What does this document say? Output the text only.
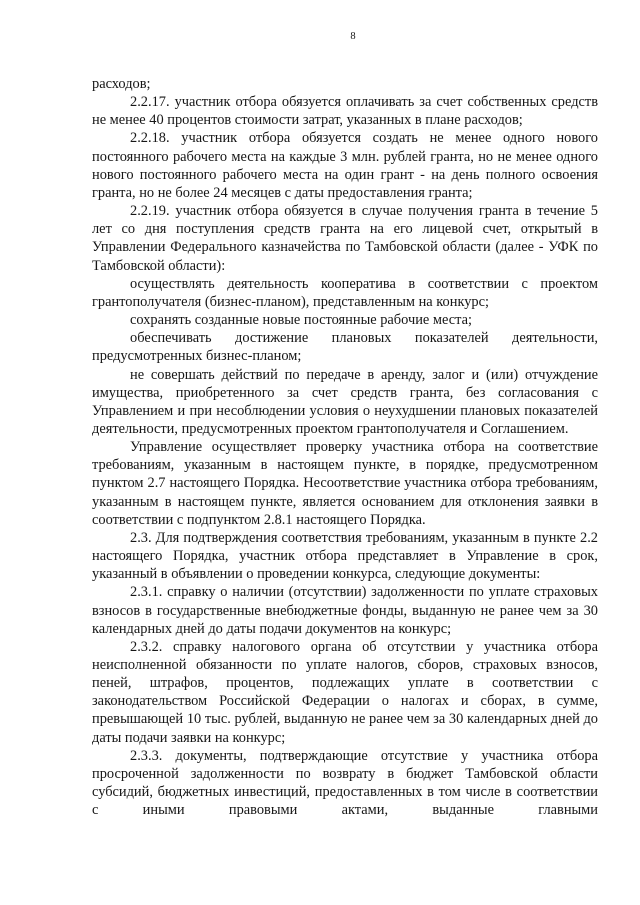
8

расходов;

2.2.17. участник отбора обязуется оплачивать за счет собственных средств не менее 40 процентов стоимости затрат, указанных в плане расходов;

2.2.18. участник отбора обязуется создать не менее одного нового постоянного рабочего места на каждые 3 млн. рублей гранта, но не менее одного нового постоянного рабочего места на один грант - на день полного освоения гранта, но не более 24 месяцев с даты предоставления гранта;

2.2.19. участник отбора обязуется в случае получения гранта в течение 5 лет со дня поступления средств гранта на его лицевой счет, открытый в Управлении Федерального казначейства по Тамбовской области (далее - УФК по Тамбовской области):

осуществлять деятельность кооператива в соответствии с проектом грантополучателя (бизнес-планом), представленным на конкурс;

сохранять созданные новые постоянные рабочие места;

обеспечивать достижение плановых показателей деятельности, предусмотренных бизнес-планом;

не совершать действий по передаче в аренду, залог и (или) отчуждение имущества, приобретенного за счет средств гранта, без согласования с Управлением и при несоблюдении условия о неухудшении плановых показателей деятельности, предусмотренных проектом грантополучателя и Соглашением.

Управление осуществляет проверку участника отбора на соответствие требованиям, указанным в настоящем пункте, в порядке, предусмотренном пунктом 2.7 настоящего Порядка. Несоответствие участника отбора требованиям, указанным в настоящем пункте, является основанием для отклонения заявки в соответствии с подпунктом 2.8.1 настоящего Порядка.

2.3. Для подтверждения соответствия требованиям, указанным в пункте 2.2 настоящего Порядка, участник отбора представляет в Управление в срок, указанный в объявлении о проведении конкурса, следующие документы:

2.3.1. справку о наличии (отсутствии) задолженности по уплате страховых взносов в государственные внебюджетные фонды, выданную не ранее чем за 30 календарных дней до даты подачи документов на конкурс;

2.3.2. справку налогового органа об отсутствии у участника отбора неисполненной обязанности по уплате налогов, сборов, страховых взносов, пеней, штрафов, процентов, подлежащих уплате в соответствии с законодательством Российской Федерации о налогах и сборах, в сумме, превышающей 10 тыс. рублей, выданную не ранее чем за 30 календарных дней до даты подачи заявки на конкурс;

2.3.3. документы, подтверждающие отсутствие у участника отбора просроченной задолженности по возврату в бюджет Тамбовской области субсидий, бюджетных инвестиций, предоставленных в том числе в соответствии с иными правовыми актами, выданные главными
